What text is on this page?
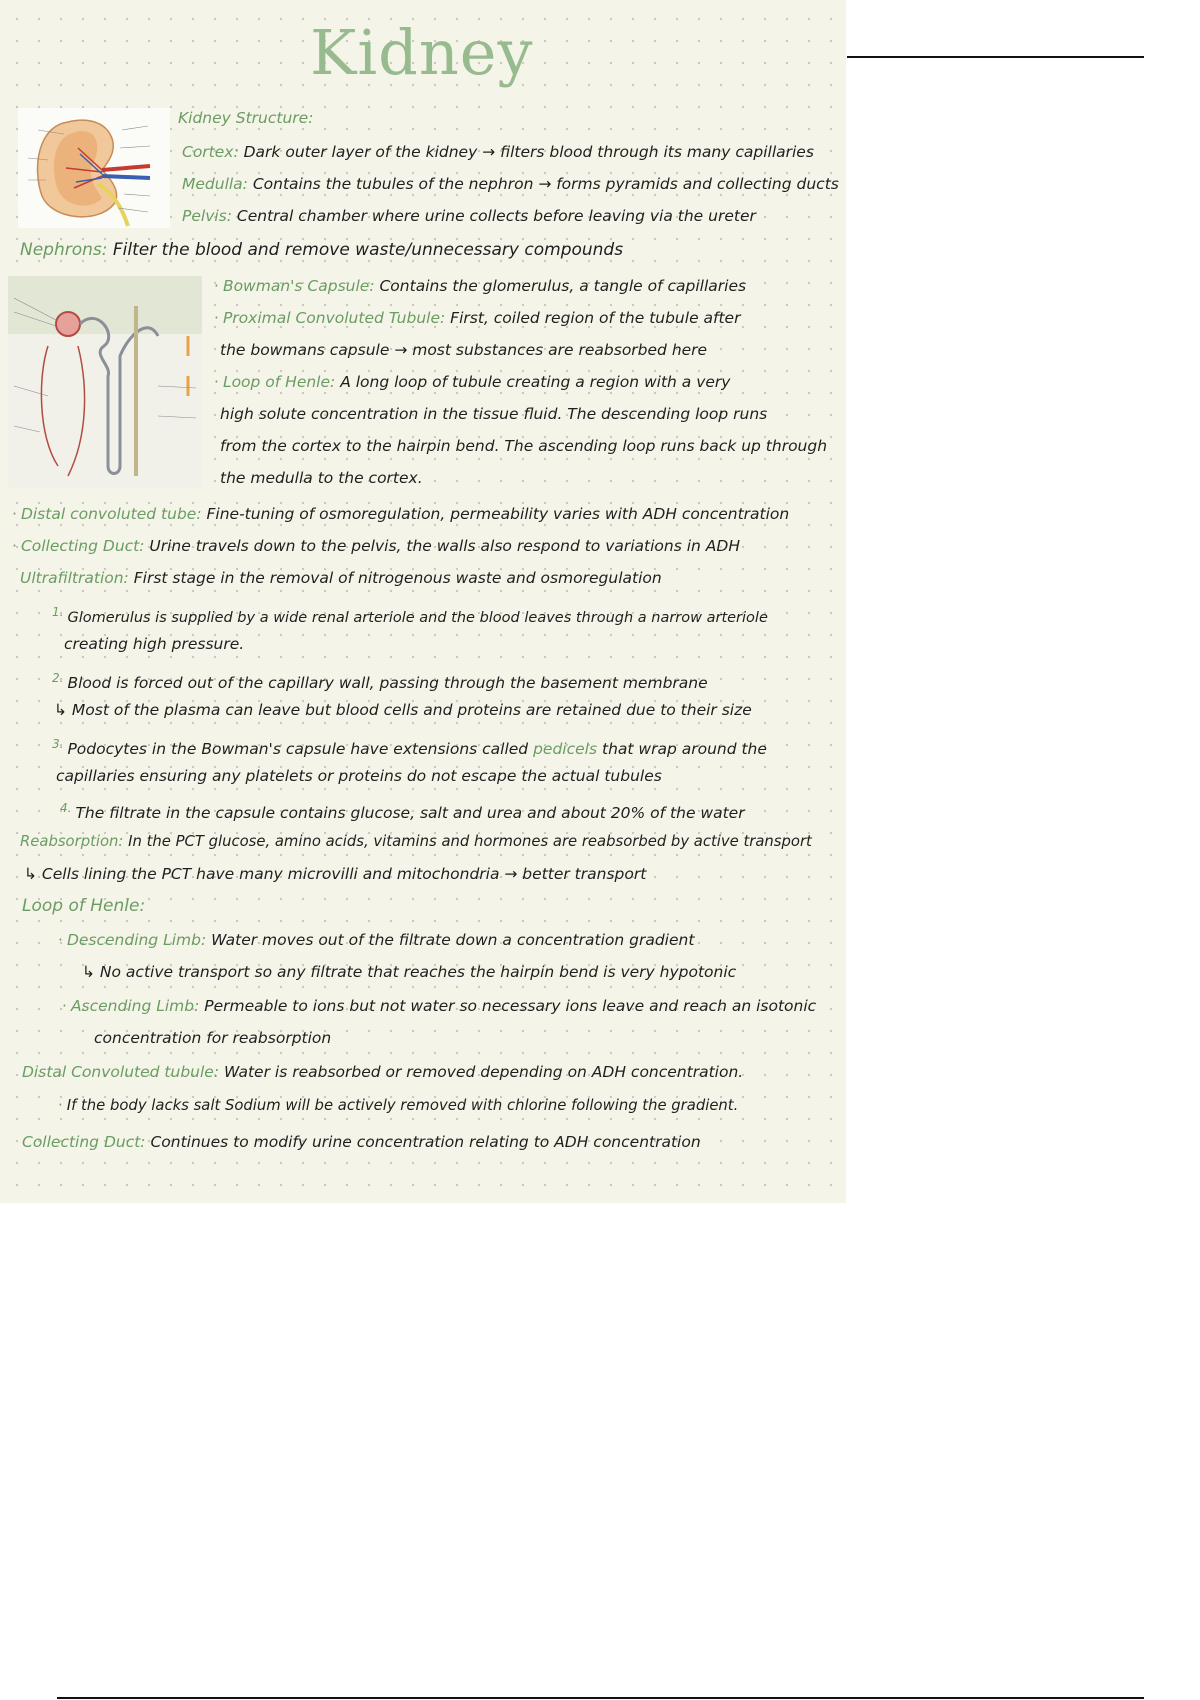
Kidney
Kidney Structure:
Cortex: Dark outer layer of the kidney → filters blood through its many capillaries
Medulla: Contains the tubules of the nephron → forms pyramids and collecting ducts
Pelvis: Central chamber where urine collects before leaving via the ureter
Nephrons: Filter the blood and remove waste/unnecessary compounds
· Bowman's Capsule: Contains the glomerulus, a tangle of capillaries
· Proximal Convoluted Tubule: First, coiled region of the tubule after
the bowmans capsule → most substances are reabsorbed here
· Loop of Henle: A long loop of tubule creating a region with a very
high solute concentration in the tissue fluid. The descending loop runs
from the cortex to the hairpin bend. The ascending loop runs back up through
the medulla to the cortex.
· Distal convoluted tube: Fine-tuning of osmoregulation, permeability varies with ADH concentration
· Collecting Duct: Urine travels down to the pelvis, the walls also respond to variations in ADH
Ultrafiltration: First stage in the removal of nitrogenous waste and osmoregulation
$^{1.}$ Glomerulus is supplied by a wide renal arteriole and the blood leaves through a narrow arteriole
creating high pressure.
$^{2.}$ Blood is forced out of the capillary wall, passing through the basement membrane
↳ Most of the plasma can leave but blood cells and proteins are retained due to their size
$^{3.}$ Podocytes in the Bowman's capsule have extensions called pedicels that wrap around the
capillaries ensuring any platelets or proteins do not escape the actual tubules
$^{4.}$ The filtrate in the capsule contains glucose, salt and urea and about 20% of the water
Reabsorption: In the PCT glucose, amino acids, vitamins and hormones are reabsorbed by active transport
↳ Cells lining the PCT have many microvilli and mitochondria → better transport
Loop of Henle:
· Descending Limb: Water moves out of the filtrate down a concentration gradient
↳ No active transport so any filtrate that reaches the hairpin bend is very hypotonic
· Ascending Limb: Permeable to ions but not water so necessary ions leave and reach an isotonic
concentration for reabsorption
Distal Convoluted tubule: Water is reabsorbed or removed depending on ADH concentration.
· If the body lacks salt Sodium will be actively removed with chlorine following the gradient.
Collecting Duct: Continues to modify urine concentration relating to ADH concentration
